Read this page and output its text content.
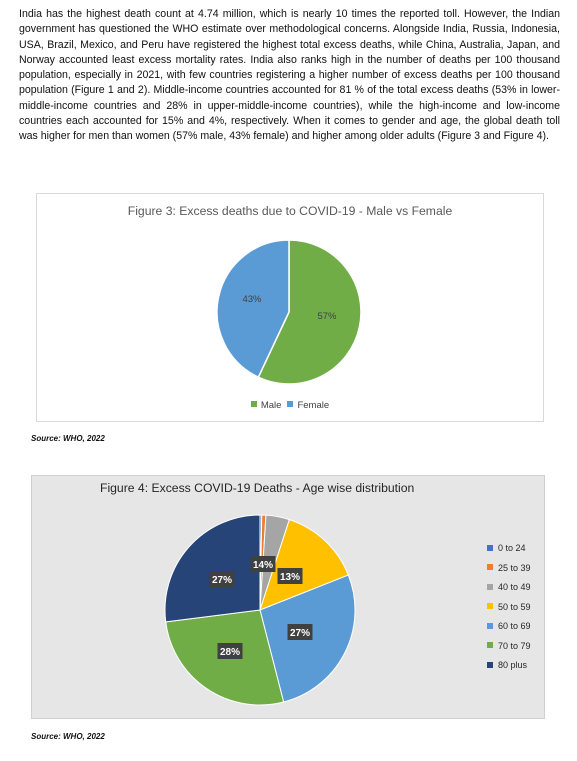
India has the highest death count at 4.74 million, which is nearly 10 times the reported toll. However, the Indian government has questioned the WHO estimate over methodological concerns. Alongside India, Russia, Indonesia, USA, Brazil, Mexico, and Peru have registered the highest total excess deaths, while China, Australia, Japan, and Norway accounted least excess mortality rates. India also ranks high in the number of deaths per 100 thousand population, especially in 2021, with few countries registering a higher number of excess deaths per 100 thousand population (Figure 1 and 2). Middle-income countries accounted for 81 % of the total excess deaths (53% in lower-middle-income countries and 28% in upper-middle-income countries), while the high-income and low-income countries each accounted for 15% and 4%, respectively. When it comes to gender and age, the global death toll was higher for men than women (57% male, 43% female) and higher among older adults (Figure 3 and Figure 4).

Figure 3: Excess deaths due to COVID-19 - Male vs Female
57%
43%
Male Female
Source: WHO, 2022
Figure 4: Excess COVID-19 Deaths - Age wise distribution
14%
13%
27%
28%
27%
0 to 24
25 to 39
40 to 49
50 to 59
60 to 69
70 to 79
80 plus
Source: WHO, 2022
